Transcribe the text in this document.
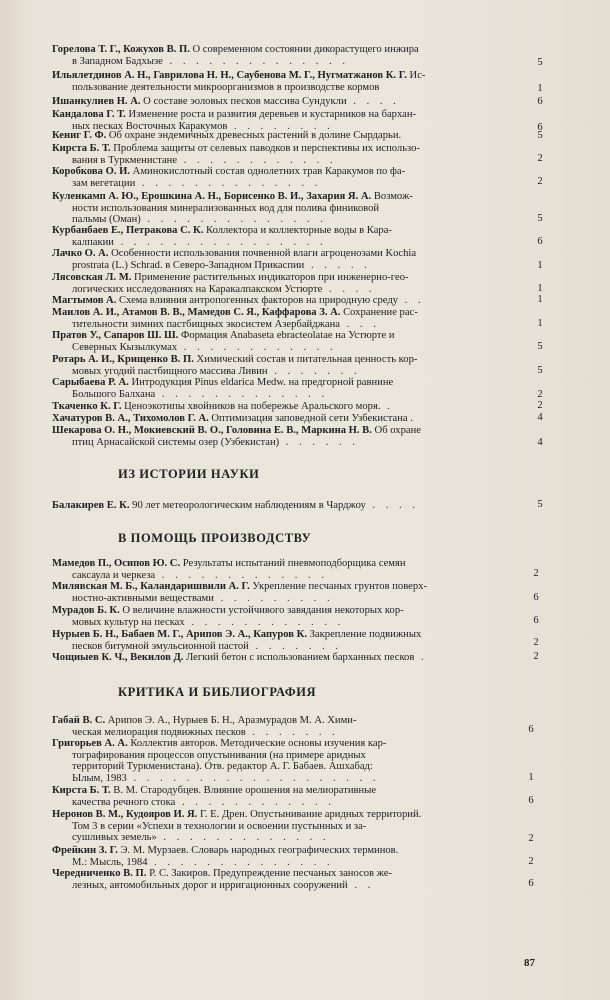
Горелова Т. Г., Кожухов В. П. О современном состоянии дикорастущего инжира
в Западном Бадхызе . . . . . . . . . . . . . .	5
Ильялетдинов А. Н., Гаврилова Н. Н., Саубенова М. Г., Нугматжанов К. Г. Ис-
пользование деятельности микроорганизмов в производстве кормов	1
Ишанкулиев Н. А. О составе эоловых песков массива Сундукли . . . .	6
Кандалова Г. Т. Изменение роста и развития деревьев и кустарников на бархан-
ных песках Восточных Каракумов . . . . . . . .	6
Кениг Г. Ф. Об охране эндемичных древесных растений в долине Сырдарьи.	5
Кирста Б. Т. Проблема защиты от селевых паводков и перспективы их использо-
вания в Туркменистане . . . . . . . . . . . .	2
Коробкова О. И. Аминокислотный состав однолетних трав Каракумов по фа-
зам вегетации . . . . . . . . . . . . . .	2
Куленкамп А. Ю., Ерошкина А. Н., Борисенко В. И., Захария Я. А. Возмож-
ности использования минерализованных вод для полива финиковой
пальмы (Оман) . . . . . . . . . . . . . .	5
Курбанбаев Е., Петракова С. К. Коллектора и коллекторные воды в Кара-
калпакии . . . . . . . . . . . . . . . .	6
Лачко О. А. Особенности использования почвенной влаги агроценозами Kochia
prostrata (L.) Schrad. в Северо-Западном Прикаспии . . . . .	1
Лясовская Л. М. Применение растительных индикаторов при инженерно-гео-
логических исследованиях на Каракалпакском Устюрте . . . .	1
Магтымов А. Схема влияния антропогенных факторов на природную среду . .	1
Маилов А. И., Атамов В. В., Мамедов С. Я., Каффарова З. А. Сохранение рас-
тительности зимних пастбищных экосистем Азербайджана . . .	1
Пратов У., Сапаров Ш. Ш. Формация Anabaseta ebracteolatae на Устюрте и
Северных Кызылкумах . . . . . . . . . . . .	5
Ротарь А. И., Крищенко В. П. Химический состав и питательная ценность кор-
мовых угодий пастбищного массива Ливин . . . . . . .	5
Сарыбаева Р. А. Интродукция Pinus eldarica Medw. на предгорной равнине
Большого Балхана . . . . . . . . . . . . .	2
Ткаченко К. Г. Ценоэкотипы хвойников на побережье Аральского моря. .	2
Хачатуров В. А., Тихомолов Г. А. Оптимизация заповедной сети Узбекистана .	4
Шекарова О. Н., Мокиевский В. О., Головина Е. В., Маркина Н. В. Об охране
птиц Арнасайской системы озер (Узбекистан) . . . . . .	4
ИЗ ИСТОРИИ НАУКИ
Балакирев Е. К. 90 лет метеорологическим наблюдениям в Чарджоу . . . .	5
В ПОМОЩЬ ПРОИЗВОДСТВУ
Мамедов П., Осипов Ю. С. Результаты испытаний пневмоподборщика семян
саксаула и черкеза . . . . . . . . . . . . .	2
Милявская М. Б., Каландаришвили А. Г. Укрепление песчаных грунтов поверх-
ностно-активными веществами . . . . . . . . .	6
Мурадов Б. К. О величине влажности устойчивого завядания некоторых кор-
мовых культур на песках . . . . . . . . . . . .	6
Нурыев Б. Н., Бабаев М. Г., Арипов Э. А., Капуров К. Закрепление подвижных
песков битумной эмульсионной пастой . . . . . . .	2
Чощиыев К. Ч., Векилов Д. Легкий бетон с использованием барханных песков .	2
КРИТИКА И БИБЛИОГРАФИЯ
Габай В. С. Арипов Э. А., Нурыев Б. Н., Аразмурадов М. А. Хими-
ческая мелиорация подвижных песков . . . . . . .	6
Григорьев А. А. Коллектив авторов. Методические основы изучения кар-
тографирования процессов опустынивания (на примере аридных
территорий Туркменистана). Отв. редактор А. Г. Бабаев. Ашхабад:
Ылым, 1983 . . . . . . . . . . . . . . . . . . .	1
Кирста Б. Т. В. М. Стародубцев. Влияние орошения на мелиоративные
качества речного стока . . . . . . . . . . . .	6
Неронов В. М., Кудояров И. Я. Г. Е. Дрен. Опустынивание аридных территорий.
Том 3 в серии «Успехи в технологии и освоении пустынных и за-
сушливых земель» . . . . . . . . . . . . .	2
Фрейкин З. Г. Э. М. Мурзаев. Словарь народных географических терминов.
М.: Мысль, 1984 . . . . . . . . . . . . . .	2
Чередниченко В. П. Р. С. Закиров. Предупреждение песчаных заносов же-
лезных, автомобильных дорог и ирригационных сооружений . .	6
87
